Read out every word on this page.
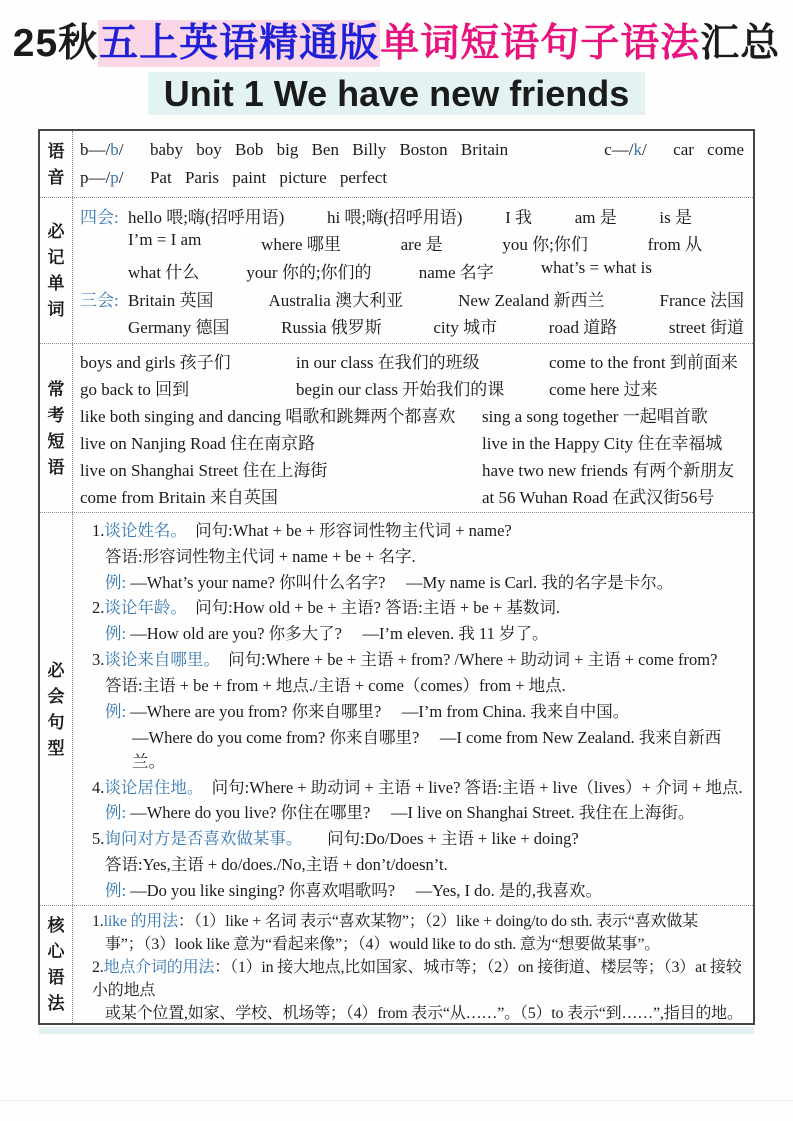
25秋五上英语精通版单词短语句子语法汇总
Unit 1 We have new friends
语
音
b—/b/  baby boy Bob big Ben Billy Boston Britain	c—/k/  car come
p—/p/  Pat Paris paint picture perfect
必
记
单
词
四会: hello 喂;嗨(招呼用语)	hi 喂;嗨(招呼用语)	I 我	am 是	is 是
I’m = I am	where 哪里	are 是	you 你;你们	from 从
what 什么	your 你的;你们的	name 名字	what’s = what is
三会: Britain 英国	Australia 澳大利亚	New Zealand 新西兰	France 法国
Germany 德国	Russia 俄罗斯	city 城市	road 道路	street 街道
常
考
短
语
boys and girls 孩子们	in our class 在我们的班级	come to the front 到前面来
go back to 回到	begin our class 开始我们的课	come here 过来
like both singing and dancing 唱歌和跳舞两个都喜欢	sing a song together 一起唱首歌
live on Nanjing Road 住在南京路	live in the Happy City 住在幸福城
live on Shanghai Street 住在上海街	have two new friends 有两个新朋友
come from Britain 来自英国	at 56 Wuhan Road 在武汉街56号
必
会
句
型
1.谈论姓名。　问句:What + be + 形容词性物主代词 + name?
答语:形容词性物主代词 + name + be + 名字.
例: —What’s your name? 你叫什么名字?　 —My name is Carl. 我的名字是卡尔。
2.谈论年龄。　问句:How old + be + 主语? 答语:主语 + be + 基数词.
例: —How old are you? 你多大了?　 —I’m eleven. 我 11 岁了。
3.谈论来自哪里。　问句:Where + be + 主语 + from? /Where + 助动词 + 主语 + come from?
答语:主语 + be + from + 地点./主语 + come（comes）from + 地点.
例: —Where are you from? 你来自哪里?　 —I’m from China. 我来自中国。
—Where do you come from? 你来自哪里?　 —I come from New Zealand. 我来自新西兰。
4.谈论居住地。　问句:Where + 助动词 + 主语 + live? 答语:主语 + live（lives）+ 介词 + 地点.
例: —Where do you live? 你住在哪里?　 —I live on Shanghai Street. 我住在上海街。
5.询问对方是否喜欢做某事。　　问句:Do/Does + 主语 + like + doing?
答语:Yes,主语 + do/does./No,主语 + don’t/doesn’t.
例: —Do you like singing? 你喜欢唱歌吗?　 —Yes, I do. 是的,我喜欢。
核
心
语
法
1.like 的用法：（1）like + 名词 表示“喜欢某物”；（2）like + doing/to do sth. 表示“喜欢做某
事”；（3）look like 意为“看起来像”；（4）would like to do sth. 意为“想要做某事”。
2.地点介词的用法：（1）in 接大地点,比如国家、城市等；（2）on 接街道、楼层等；（3）at 接较小的地点
或某个位置,如家、学校、机场等；（4）from 表示“从……”。（5）to 表示“到……”,指目的地。
